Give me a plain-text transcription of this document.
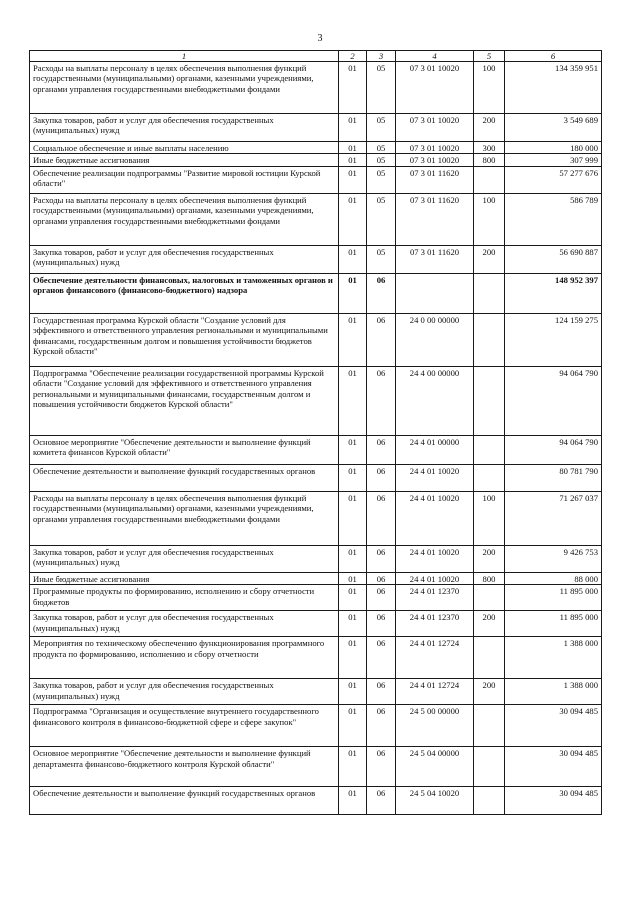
3
1	2	3	4	5	6
Расходы на выплаты персоналу в целях обеспечения выполнения функций государственными (муниципальными) органами, казенными учреждениями, органами управления государственными внебюджетными фондами	01	05	07 3 01 10020	100	134 359 951
Закупка товаров, работ и услуг для обеспечения государственных (муниципальных) нужд	01	05	07 3 01 10020	200	3 549 689
Социальное обеспечение и иные выплаты населению	01	05	07 3 01 10020	300	180 000
Иные бюджетные ассигнования	01	05	07 3 01 10020	800	307 999
Обеспечение реализации подпрограммы "Развитие мировой юстиции Курской области"	01	05	07 3 01 11620		57 277 676
Расходы на выплаты персоналу в целях обеспечения выполнения функций государственными (муниципальными) органами, казенными учреждениями, органами управления государственными внебюджетными фондами	01	05	07 3 01 11620	100	586 789
Закупка товаров, работ и услуг для обеспечения государственных (муниципальных) нужд	01	05	07 3 01 11620	200	56 690 887
Обеспечение деятельности финансовых, налоговых и таможенных органов и органов финансового (финансово-бюджетного) надзора	01	06			148 952 397
Государственная программа Курской области "Создание условий для эффективного и ответственного управления региональными и муниципальными финансами, государственным долгом и повышения устойчивости бюджетов Курской области"	01	06	24 0 00 00000		124 159 275
Подпрограмма "Обеспечение реализации государственной программы Курской области "Создание условий для эффективного и ответственного управления региональными и муниципальными финансами, государственным долгом и повышения устойчивости бюджетов Курской области"	01	06	24 4 00 00000		94 064 790
Основное мероприятие "Обеспечение деятельности и выполнение функций комитета финансов Курской области"	01	06	24 4 01 00000		94 064 790
Обеспечение деятельности и выполнение функций государственных органов	01	06	24 4 01 10020		80 781 790
Расходы на выплаты персоналу в целях обеспечения выполнения функций государственными (муниципальными) органами, казенными учреждениями, органами управления государственными внебюджетными фондами	01	06	24 4 01 10020	100	71 267 037
Закупка товаров, работ и услуг для обеспечения государственных (муниципальных) нужд	01	06	24 4 01 10020	200	9 426 753
Иные бюджетные ассигнования	01	06	24 4 01 10020	800	88 000
Программные продукты по формированию, исполнению и сбору отчетности бюджетов	01	06	24 4 01 12370		11 895 000
Закупка товаров, работ и услуг для обеспечения государственных (муниципальных) нужд	01	06	24 4 01 12370	200	11 895 000
Мероприятия по техническому обеспечению функционирования программного продукта по формированию, исполнению и сбору отчетности	01	06	24 4 01 12724		1 388 000
Закупка товаров, работ и услуг для обеспечения государственных (муниципальных) нужд	01	06	24 4 01 12724	200	1 388 000
Подпрограмма "Организация и осуществление внутреннего государственного финансового контроля в финансово-бюджетной сфере и сфере закупок"	01	06	24 5 00 00000		30 094 485
Основное мероприятие "Обеспечение деятельности и выполнение функций департамента финансово-бюджетного контроля Курской области"	01	06	24 5 04 00000		30 094 485
Обеспечение деятельности и выполнение функций государственных органов	01	06	24 5 04 10020		30 094 485
